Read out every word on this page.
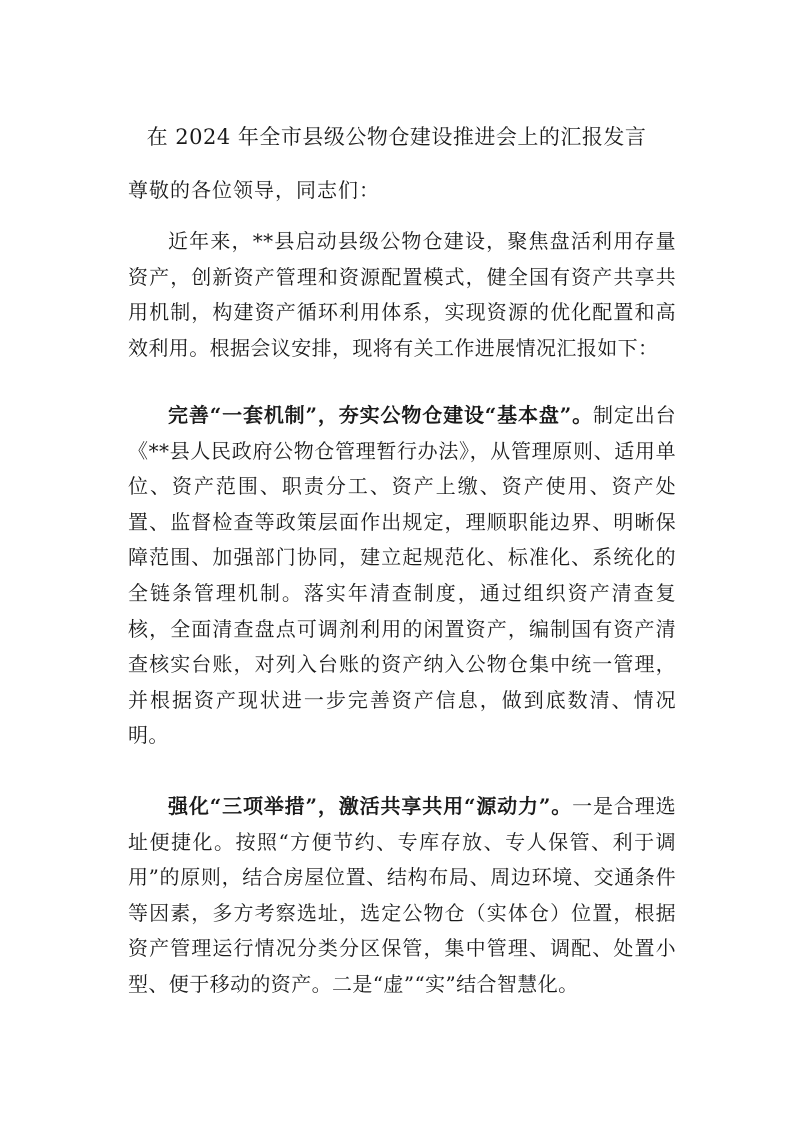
在 2024 年全市县级公物仓建设推进会上的汇报发言
尊敬的各位领导，同志们：
近年来，**县启动县级公物仓建设，聚焦盘活利用存量资产，创新资产管理和资源配置模式，健全国有资产共享共用机制，构建资产循环利用体系，实现资源的优化配置和高效利用。根据会议安排，现将有关工作进展情况汇报如下：
完善“一套机制”，夯实公物仓建设“基本盘”。制定出台《**县人民政府公物仓管理暂行办法》，从管理原则、适用单位、资产范围、职责分工、资产上缴、资产使用、资产处置、监督检查等政策层面作出规定，理顺职能边界、明晰保障范围、加强部门协同，建立起规范化、标准化、系统化的全链条管理机制。落实年清查制度，通过组织资产清查复核，全面清查盘点可调剂利用的闲置资产，编制国有资产清查核实台账，对列入台账的资产纳入公物仓集中统一管理，并根据资产现状进一步完善资产信息，做到底数清、情况明。
强化“三项举措”，激活共享共用“源动力”。一是合理选址便捷化。按照“方便节约、专库存放、专人保管、利于调用”的原则，结合房屋位置、结构布局、周边环境、交通条件等因素，多方考察选址，选定公物仓（实体仓）位置，根据资产管理运行情况分类分区保管，集中管理、调配、处置小型、便于移动的资产。二是“虚”“实”结合智慧化。
